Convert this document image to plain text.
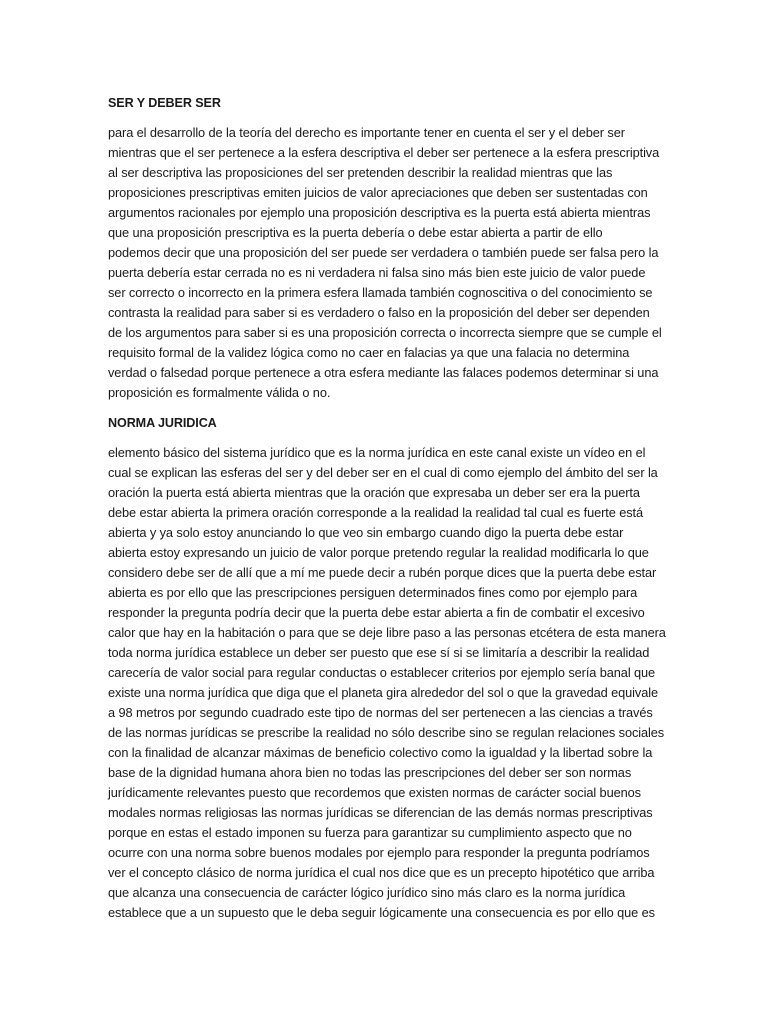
SER Y DEBER SER
para el desarrollo de la teoría del derecho es importante tener en cuenta el ser y el deber ser
mientras que el ser pertenece a la esfera descriptiva el deber ser pertenece a la esfera prescriptiva
al ser descriptiva las proposiciones del ser pretenden describir la realidad mientras que las
proposiciones prescriptivas emiten juicios de valor apreciaciones que deben ser sustentadas con
argumentos racionales por ejemplo una proposición descriptiva es la puerta está abierta mientras
que una proposición prescriptiva es la puerta debería o debe estar abierta a partir de ello
podemos decir que una proposición del ser puede ser verdadera o también puede ser falsa pero la
puerta debería estar cerrada no es ni verdadera ni falsa sino más bien este juicio de valor puede
ser correcto o incorrecto en la primera esfera llamada también cognoscitiva o del conocimiento se
contrasta la realidad para saber si es verdadero o falso en la proposición del deber ser dependen
de los argumentos para saber si es una proposición correcta o incorrecta siempre que se cumple el
requisito formal de la validez lógica como no caer en falacias ya que una falacia no determina
verdad o falsedad porque pertenece a otra esfera mediante las falaces podemos determinar si una
proposición es formalmente válida o no.
NORMA JURIDICA
elemento básico del sistema jurídico que es la norma jurídica en este canal existe un vídeo en el
cual se explican las esferas del ser y del deber ser en el cual di como ejemplo del ámbito del ser la
oración la puerta está abierta mientras que la oración que expresaba un deber ser era la puerta
debe estar abierta la primera oración corresponde a la realidad la realidad tal cual es fuerte está
abierta y ya solo estoy anunciando lo que veo sin embargo cuando digo la puerta debe estar
abierta estoy expresando un juicio de valor porque pretendo regular la realidad modificarla lo que
considero debe ser de allí que a mí me puede decir a rubén porque dices que la puerta debe estar
abierta es por ello que las prescripciones persiguen determinados fines como por ejemplo para
responder la pregunta podría decir que la puerta debe estar abierta a fin de combatir el excesivo
calor que hay en la habitación o para que se deje libre paso a las personas etcétera de esta manera
toda norma jurídica establece un deber ser puesto que ese sí si se limitaría a describir la realidad
carecería de valor social para regular conductas o establecer criterios por ejemplo sería banal que
existe una norma jurídica que diga que el planeta gira alrededor del sol o que la gravedad equivale
a 98 metros por segundo cuadrado este tipo de normas del ser pertenecen a las ciencias a través
de las normas jurídicas se prescribe la realidad no sólo describe sino se regulan relaciones sociales
con la finalidad de alcanzar máximas de beneficio colectivo como la igualdad y la libertad sobre la
base de la dignidad humana ahora bien no todas las prescripciones del deber ser son normas
jurídicamente relevantes puesto que recordemos que existen normas de carácter social buenos
modales normas religiosas las normas jurídicas se diferencian de las demás normas prescriptivas
porque en estas el estado imponen su fuerza para garantizar su cumplimiento aspecto que no
ocurre con una norma sobre buenos modales por ejemplo para responder la pregunta podríamos
ver el concepto clásico de norma jurídica el cual nos dice que es un precepto hipotético que arriba
que alcanza una consecuencia de carácter lógico jurídico sino más claro es la norma jurídica
establece que a un supuesto que le deba seguir lógicamente una consecuencia es por ello que es
